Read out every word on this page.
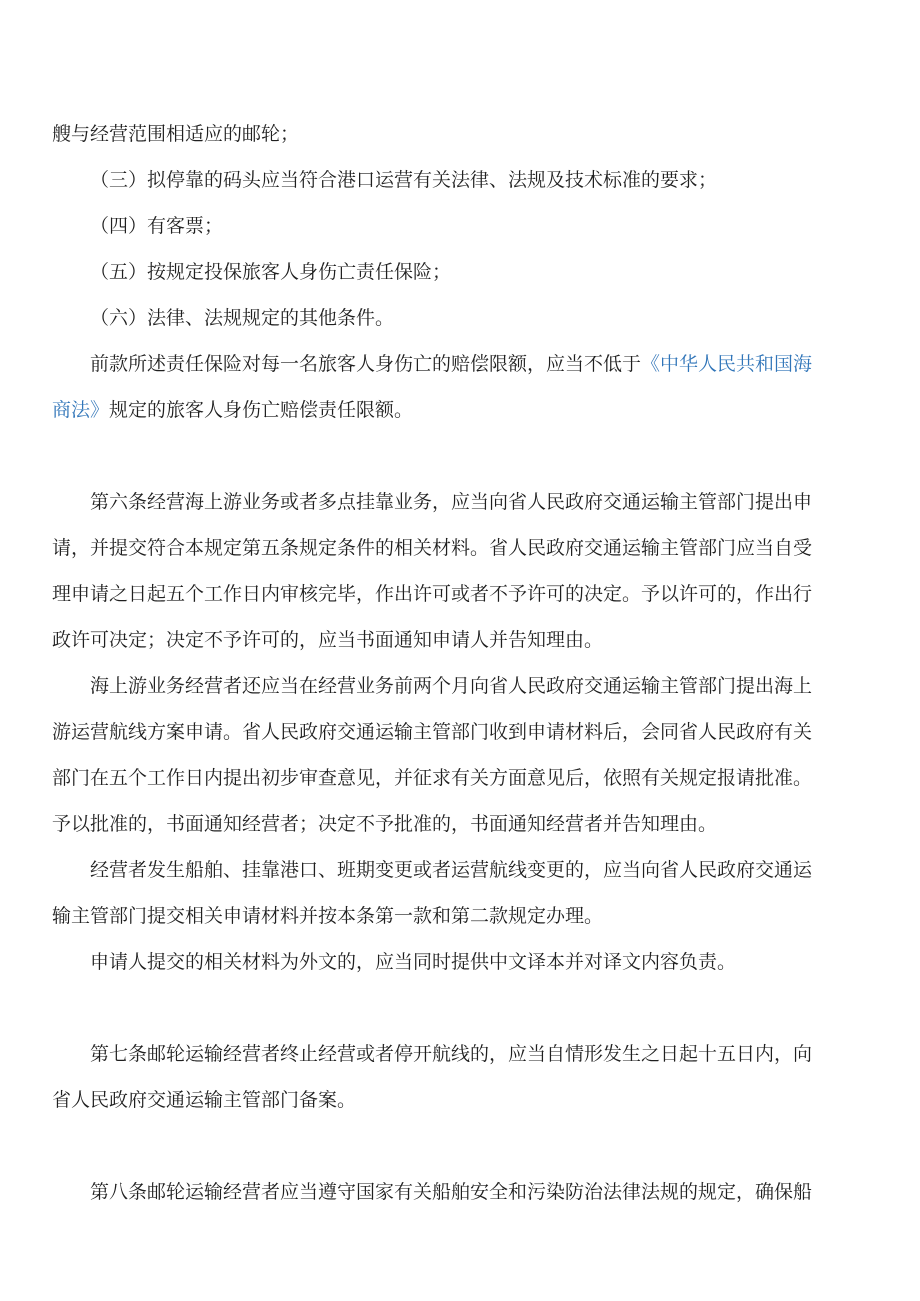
艘与经营范围相适应的邮轮；
（三）拟停靠的码头应当符合港口运营有关法律、法规及技术标准的要求；
（四）有客票；
（五）按规定投保旅客人身伤亡责任保险；
（六）法律、法规规定的其他条件。
前款所述责任保险对每一名旅客人身伤亡的赔偿限额，应当不低于《中华人民共和国海
商法》规定的旅客人身伤亡赔偿责任限额。
第六条经营海上游业务或者多点挂靠业务，应当向省人民政府交通运输主管部门提出申
请，并提交符合本规定第五条规定条件的相关材料。省人民政府交通运输主管部门应当自受
理申请之日起五个工作日内审核完毕，作出许可或者不予许可的决定。予以许可的，作出行
政许可决定；决定不予许可的，应当书面通知申请人并告知理由。
海上游业务经营者还应当在经营业务前两个月向省人民政府交通运输主管部门提出海上
游运营航线方案申请。省人民政府交通运输主管部门收到申请材料后，会同省人民政府有关
部门在五个工作日内提出初步审查意见，并征求有关方面意见后，依照有关规定报请批准。
予以批准的，书面通知经营者；决定不予批准的，书面通知经营者并告知理由。
经营者发生船舶、挂靠港口、班期变更或者运营航线变更的，应当向省人民政府交通运
输主管部门提交相关申请材料并按本条第一款和第二款规定办理。
申请人提交的相关材料为外文的，应当同时提供中文译本并对译文内容负责。
第七条邮轮运输经营者终止经营或者停开航线的，应当自情形发生之日起十五日内，向
省人民政府交通运输主管部门备案。
第八条邮轮运输经营者应当遵守国家有关船舶安全和污染防治法律法规的规定，确保船
